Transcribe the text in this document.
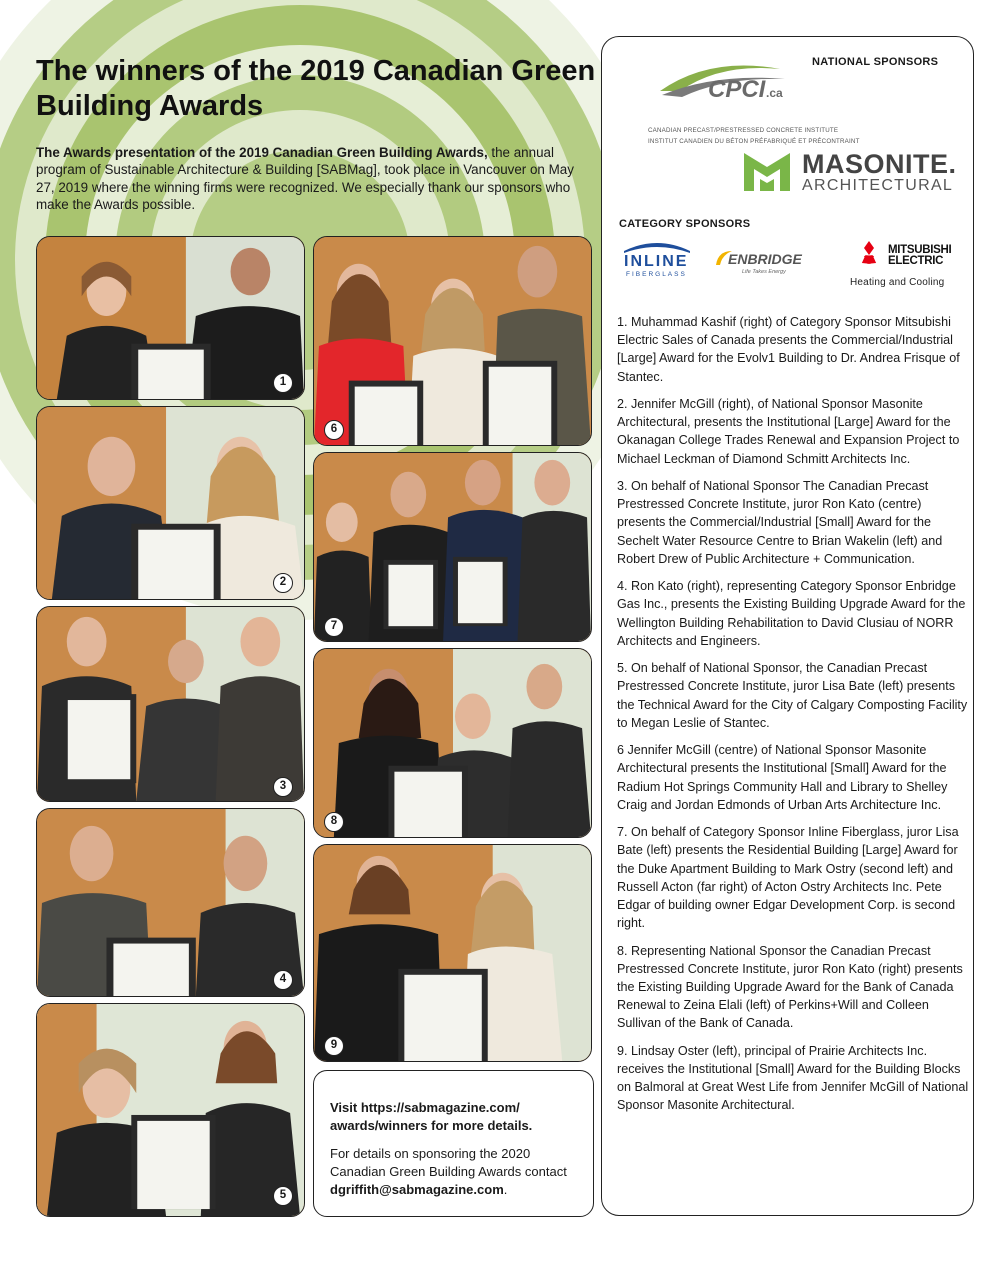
The winners of the 2019 Canadian Green Building Awards
The Awards presentation of the 2019 Canadian Green Building Awards, the annual program of Sustainable Architecture & Building [SABMag], took place in Vancouver on May 27, 2019 where the winning firms were recognized. We especially thank our sponsors who make the Awards possible.
1
2
3
4
5
6
7
8
9
Visit https://sabmagazine.com/ awards/winners for more details.
For details on sponsoring the 2020 Canadian Green Building Awards contact dgriffith@sabmagazine.com.
NATIONAL SPONSORS
CPCI .ca
CANADIAN PRECAST/PRESTRESSED CONCRETE INSTITUTE
INSTITUT CANADIEN DU BÉTON PRÉFABRIQUÉ ET PRÉCONTRAINT
MASONITE.
ARCHITECTURAL
CATEGORY SPONSORS
INLINE
FIBERGLASS
ENBRIDGE
Life Takes Energy
MITSUBISHI
ELECTRIC
Heating and Cooling

1. Muhammad Kashif (right) of Category Sponsor Mitsubishi Electric Sales of Canada presents the Commercial/Industrial [Large] Award for the Evolv1 Building to Dr. Andrea Frisque of Stantec.

2. Jennifer McGill (right), of National Sponsor Masonite Architectural, presents the Institutional [Large] Award for the Okanagan College Trades Renewal and Expansion Project to Michael Leckman of Diamond Schmitt Architects Inc.

3. On behalf of National Sponsor The Canadian Precast Prestressed Concrete Institute, juror Ron Kato (centre) presents the Commercial/Industrial [Small] Award for the Sechelt Water Resource Centre to Brian Wakelin (left) and Robert Drew of Public Architecture + Communication.

4. Ron Kato (right), representing Category Sponsor Enbridge Gas Inc., presents the Existing Building Upgrade Award for the Wellington Building Rehabilitation to David Clusiau of NORR Architects and Engineers.

5. On behalf of National Sponsor, the Canadian Precast Prestressed Concrete Institute, juror Lisa Bate (left) presents the Technical Award for the City of Calgary Composting Facility to Megan Leslie of Stantec.

6 Jennifer McGill (centre) of National Sponsor Masonite Architectural presents the Institutional [Small] Award for the Radium Hot Springs Community Hall and Library to Shelley Craig and Jordan Edmonds of Urban Arts Architecture Inc.

7. On behalf of Category Sponsor Inline Fiberglass, juror Lisa Bate (left) presents the Residential Building [Large] Award for the Duke Apartment Building to Mark Ostry (second left) and Russell Acton (far right) of Acton Ostry Architects Inc. Pete Edgar of building owner Edgar Development Corp. is second right.

8. Representing National Sponsor the Canadian Precast Prestressed Concrete Institute, juror Ron Kato (right) presents the Existing Building Upgrade Award for the Bank of Canada Renewal to Zeina Elali (left) of Perkins+Will and Colleen Sullivan of the Bank of Canada.

9. Lindsay Oster (left), principal of Prairie Architects Inc. receives the Institutional [Small] Award for the Building Blocks on Balmoral at Great West Life from Jennifer McGill of National Sponsor Masonite Architectural.
